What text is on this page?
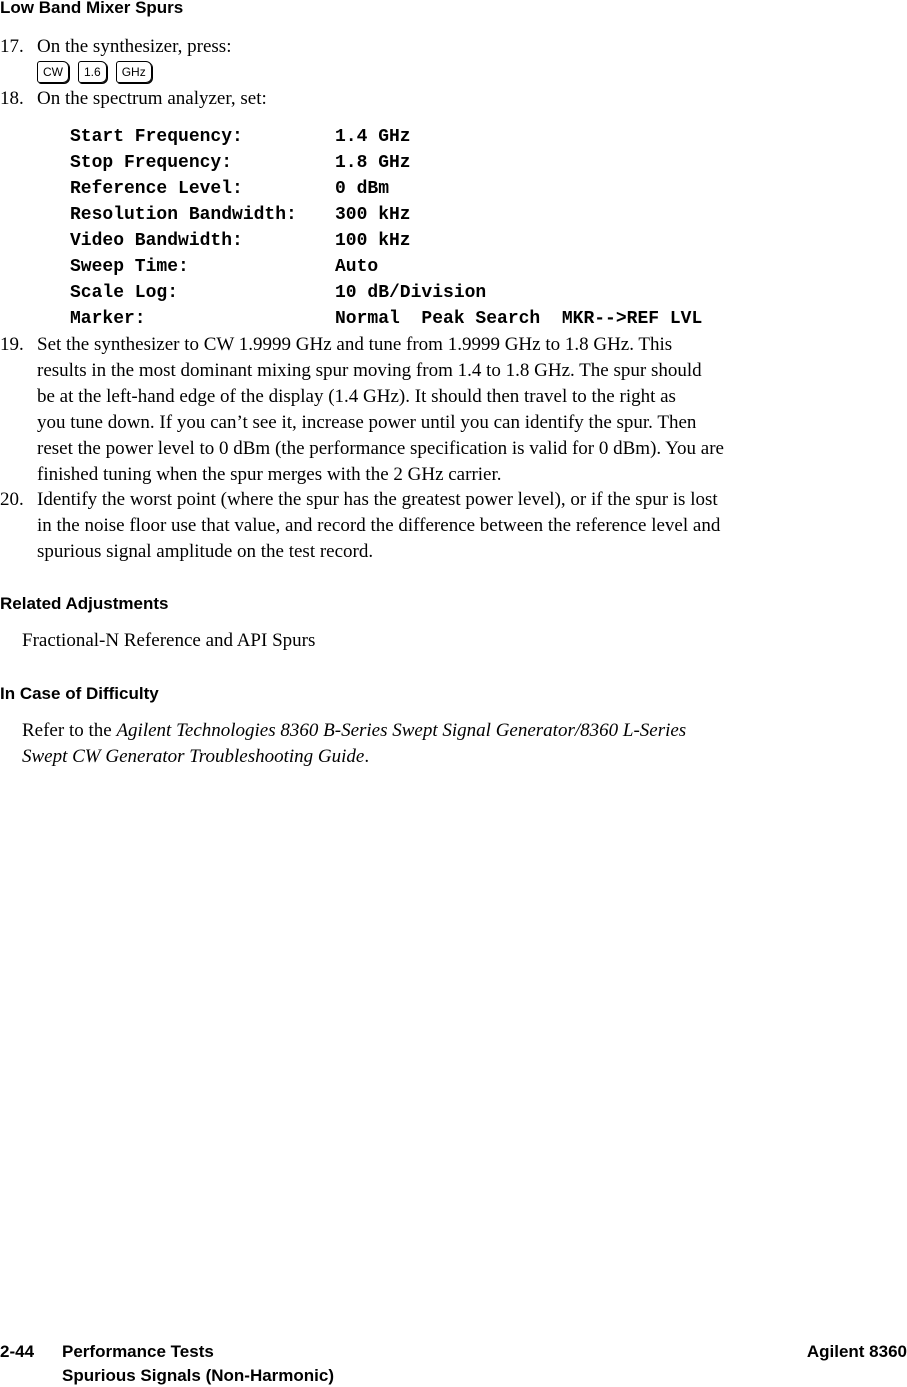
Low Band Mixer Spurs
17. On the synthesizer, press:
CW	1.6	GHz
18. On the spectrum analyzer, set:
Start Frequency:	1.4 GHz
Stop Frequency:	1.8 GHz
Reference Level:	0 dBm
Resolution Bandwidth:	300 kHz
Video Bandwidth:	100 kHz
Sweep Time:	Auto
Scale Log:	10 dB/Division
Marker:	Normal  Peak Search  MKR-->REF LVL
19. Set the synthesizer to CW 1.9999 GHz and tune from 1.9999 GHz to 1.8 GHz. This
results in the most dominant mixing spur moving from 1.4 to 1.8 GHz. The spur should
be at the left-hand edge of the display (1.4 GHz). It should then travel to the right as
you tune down. If you can’t see it, increase power until you can identify the spur. Then
reset the power level to 0 dBm (the performance specification is valid for 0 dBm). You are
finished tuning when the spur merges with the 2 GHz carrier.
20. Identify the worst point (where the spur has the greatest power level), or if the spur is lost
in the noise floor use that value, and record the difference between the reference level and
spurious signal amplitude on the test record.
Related Adjustments
Fractional-N Reference and API Spurs
In Case of Difficulty
Refer to the Agilent Technologies 8360 B-Series Swept Signal Generator/8360 L-Series
Swept CW Generator Troubleshooting Guide.
2-44 Performance Tests
Spurious Signals (Non-Harmonic)
Agilent 8360
